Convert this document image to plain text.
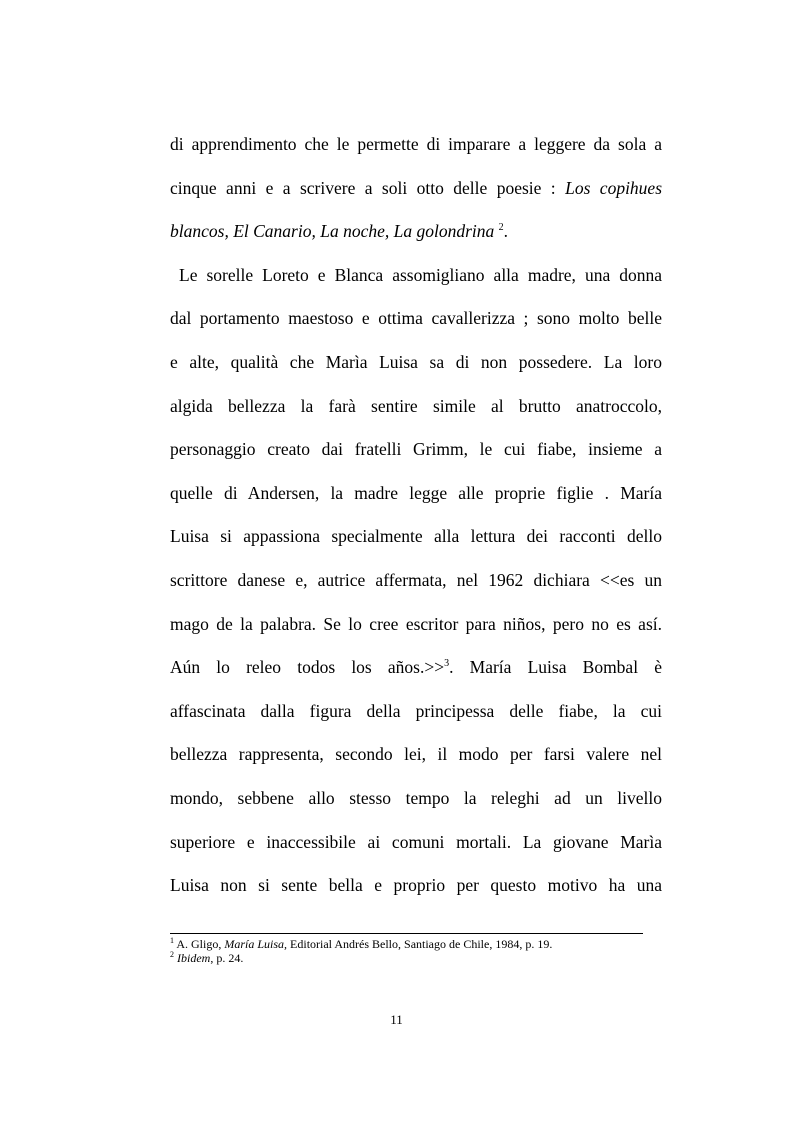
di apprendimento che le permette di imparare a leggere da sola a
cinque anni e a scrivere a soli otto delle poesie : Los copihues
blancos, El Canario, La noche, La golondrina $^2$.
Le sorelle Loreto e Blanca assomigliano alla madre, una donna
dal portamento maestoso e ottima cavallerizza ; sono molto belle
e alte, qualità che Marìa Luisa sa di non possedere. La loro
algida bellezza la farà sentire simile al brutto anatroccolo,
personaggio creato dai fratelli Grimm, le cui fiabe, insieme a
quelle di Andersen, la madre legge alle proprie figlie . María
Luisa si appassiona specialmente alla lettura dei racconti dello
scrittore danese e, autrice affermata, nel 1962 dichiara <<es un
mago de la palabra. Se lo cree escritor para niños, pero no es así.
Aún lo releo todos los años.>>$^3$. María Luisa Bombal è
affascinata dalla figura della principessa delle fiabe, la cui
bellezza rappresenta, secondo lei, il modo per farsi valere nel
mondo, sebbene allo stesso tempo la releghi ad un livello
superiore e inaccessibile ai comuni mortali. La giovane Marìa
Luisa non si sente bella e proprio per questo motivo ha una
$^1$ A. Gligo, María Luisa, Editorial Andrés Bello, Santiago de Chile, 1984, p. 19.
$^2$ Ibidem, p. 24.
11
